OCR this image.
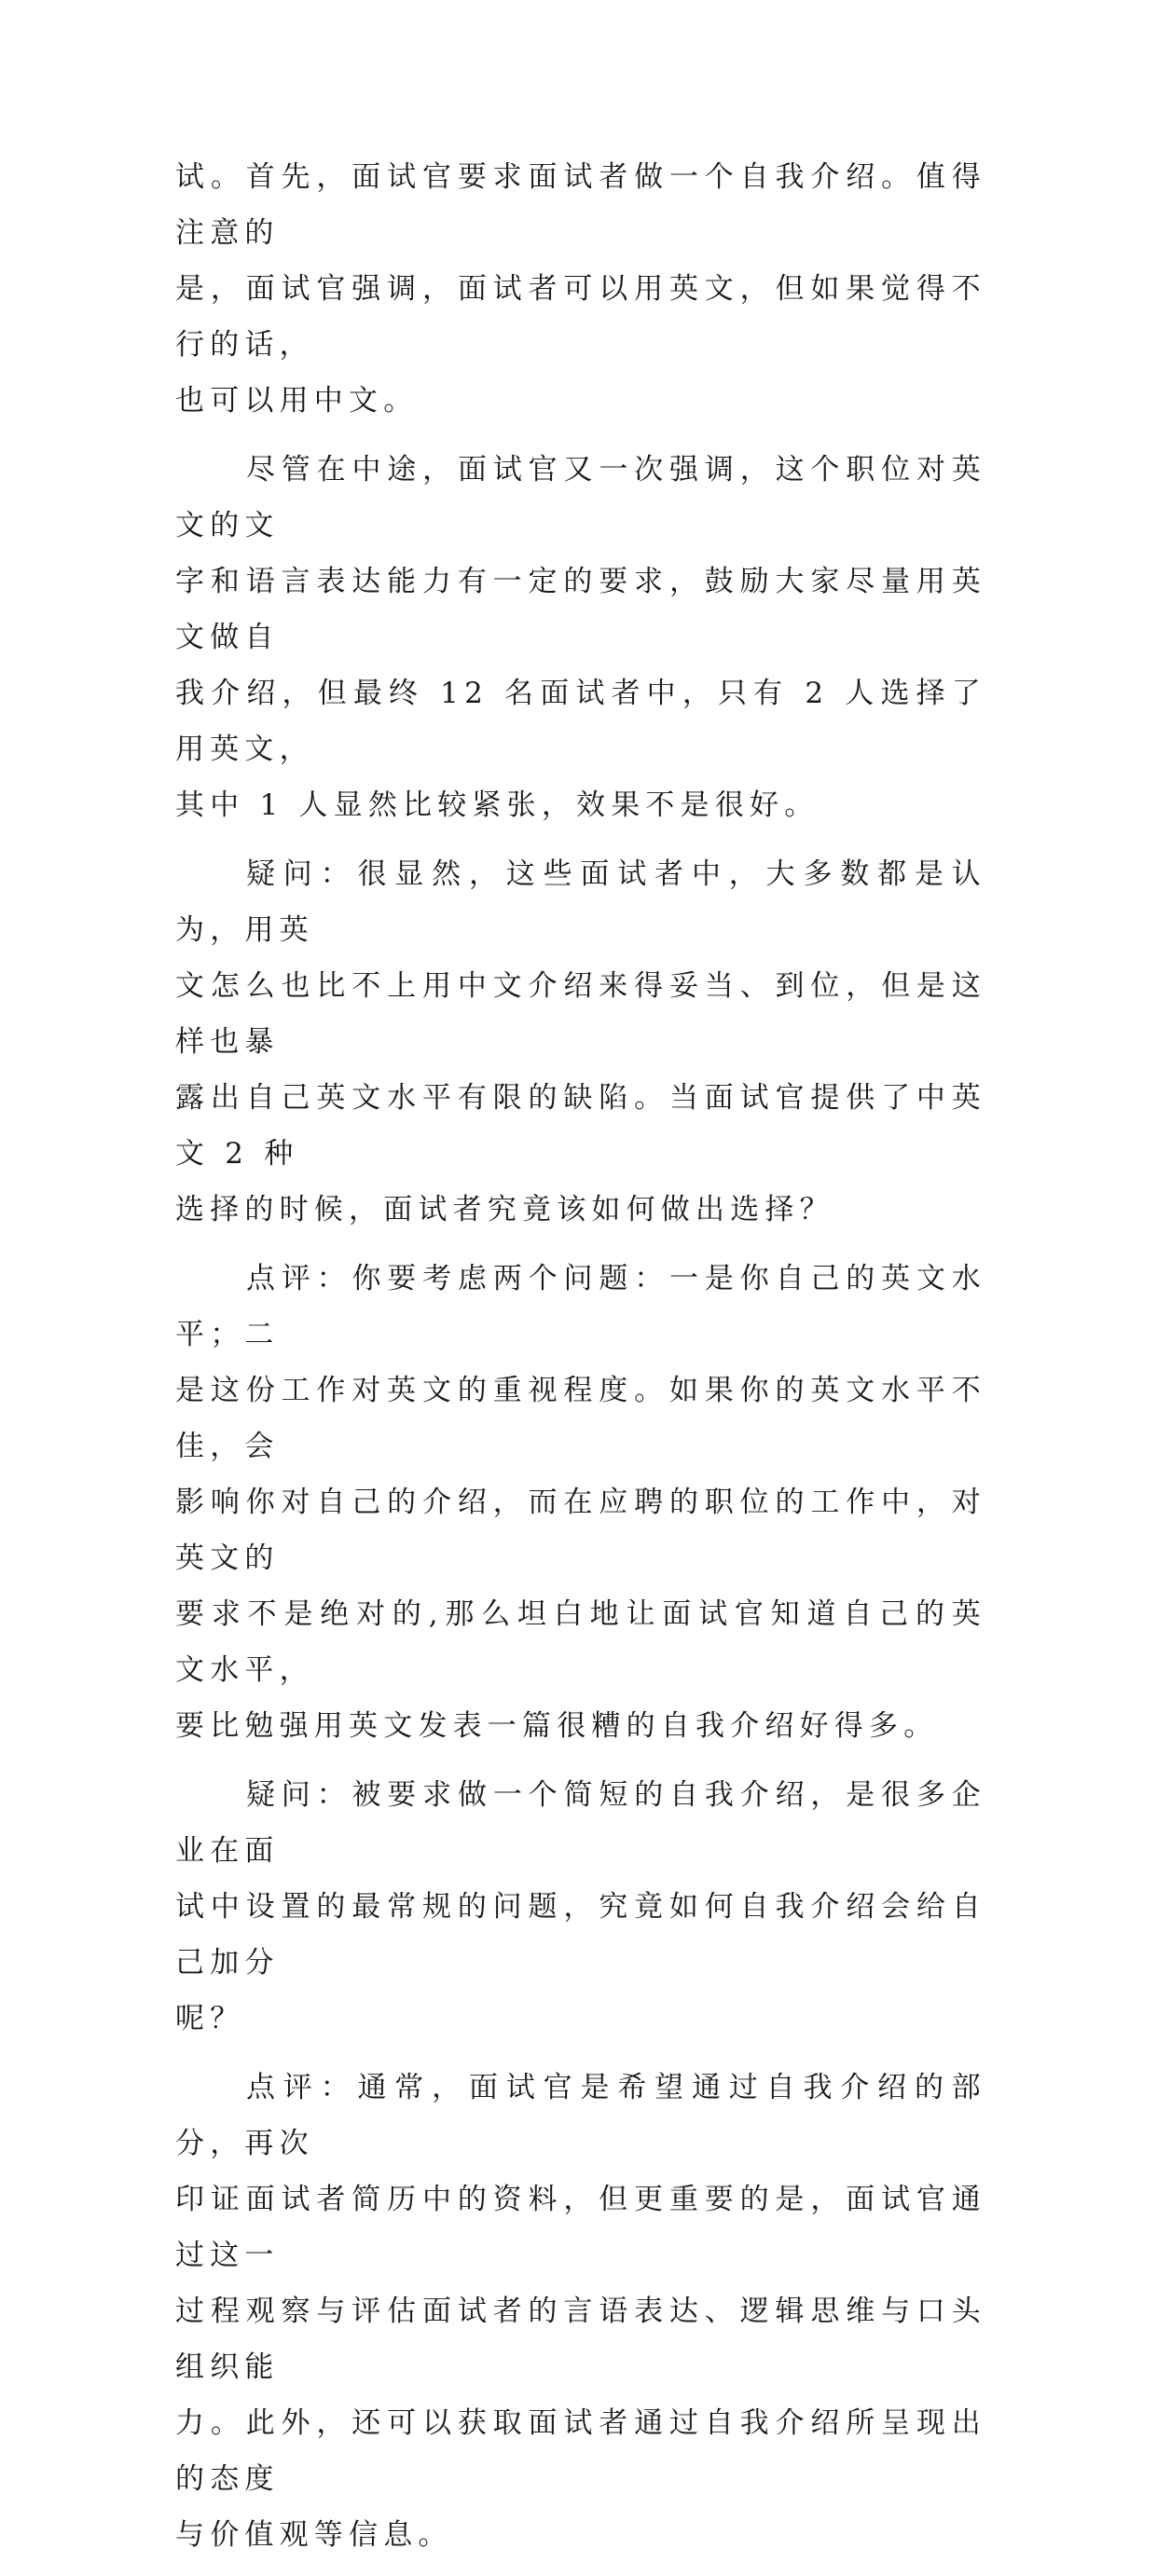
试。首先，面试官要求面试者做一个自我介绍。值得注意的
是，面试官强调，面试者可以用英文，但如果觉得不行的话，
也可以用中文。

尽管在中途，面试官又一次强调，这个职位对英文的文
字和语言表达能力有一定的要求，鼓励大家尽量用英文做自
我介绍，但最终 12 名面试者中，只有 2 人选择了用英文，
其中 1 人显然比较紧张，效果不是很好。

疑问：很显然，这些面试者中，大多数都是认为，用英
文怎么也比不上用中文介绍来得妥当、到位，但是这样也暴
露出自己英文水平有限的缺陷。当面试官提供了中英文 2 种
选择的时候，面试者究竟该如何做出选择？

点评：你要考虑两个问题：一是你自己的英文水平；二
是这份工作对英文的重视程度。如果你的英文水平不佳，会
影响你对自己的介绍，而在应聘的职位的工作中，对英文的
要求不是绝对的,那么坦白地让面试官知道自己的英文水平，
要比勉强用英文发表一篇很糟的自我介绍好得多。

疑问：被要求做一个简短的自我介绍，是很多企业在面
试中设置的最常规的问题，究竟如何自我介绍会给自己加分
呢？

点评：通常，面试官是希望通过自我介绍的部分，再次
印证面试者简历中的资料，但更重要的是，面试官通过这一
过程观察与评估面试者的言语表达、逻辑思维与口头组织能
力。此外，还可以获取面试者通过自我介绍所呈现出的态度
与价值观等信息。
